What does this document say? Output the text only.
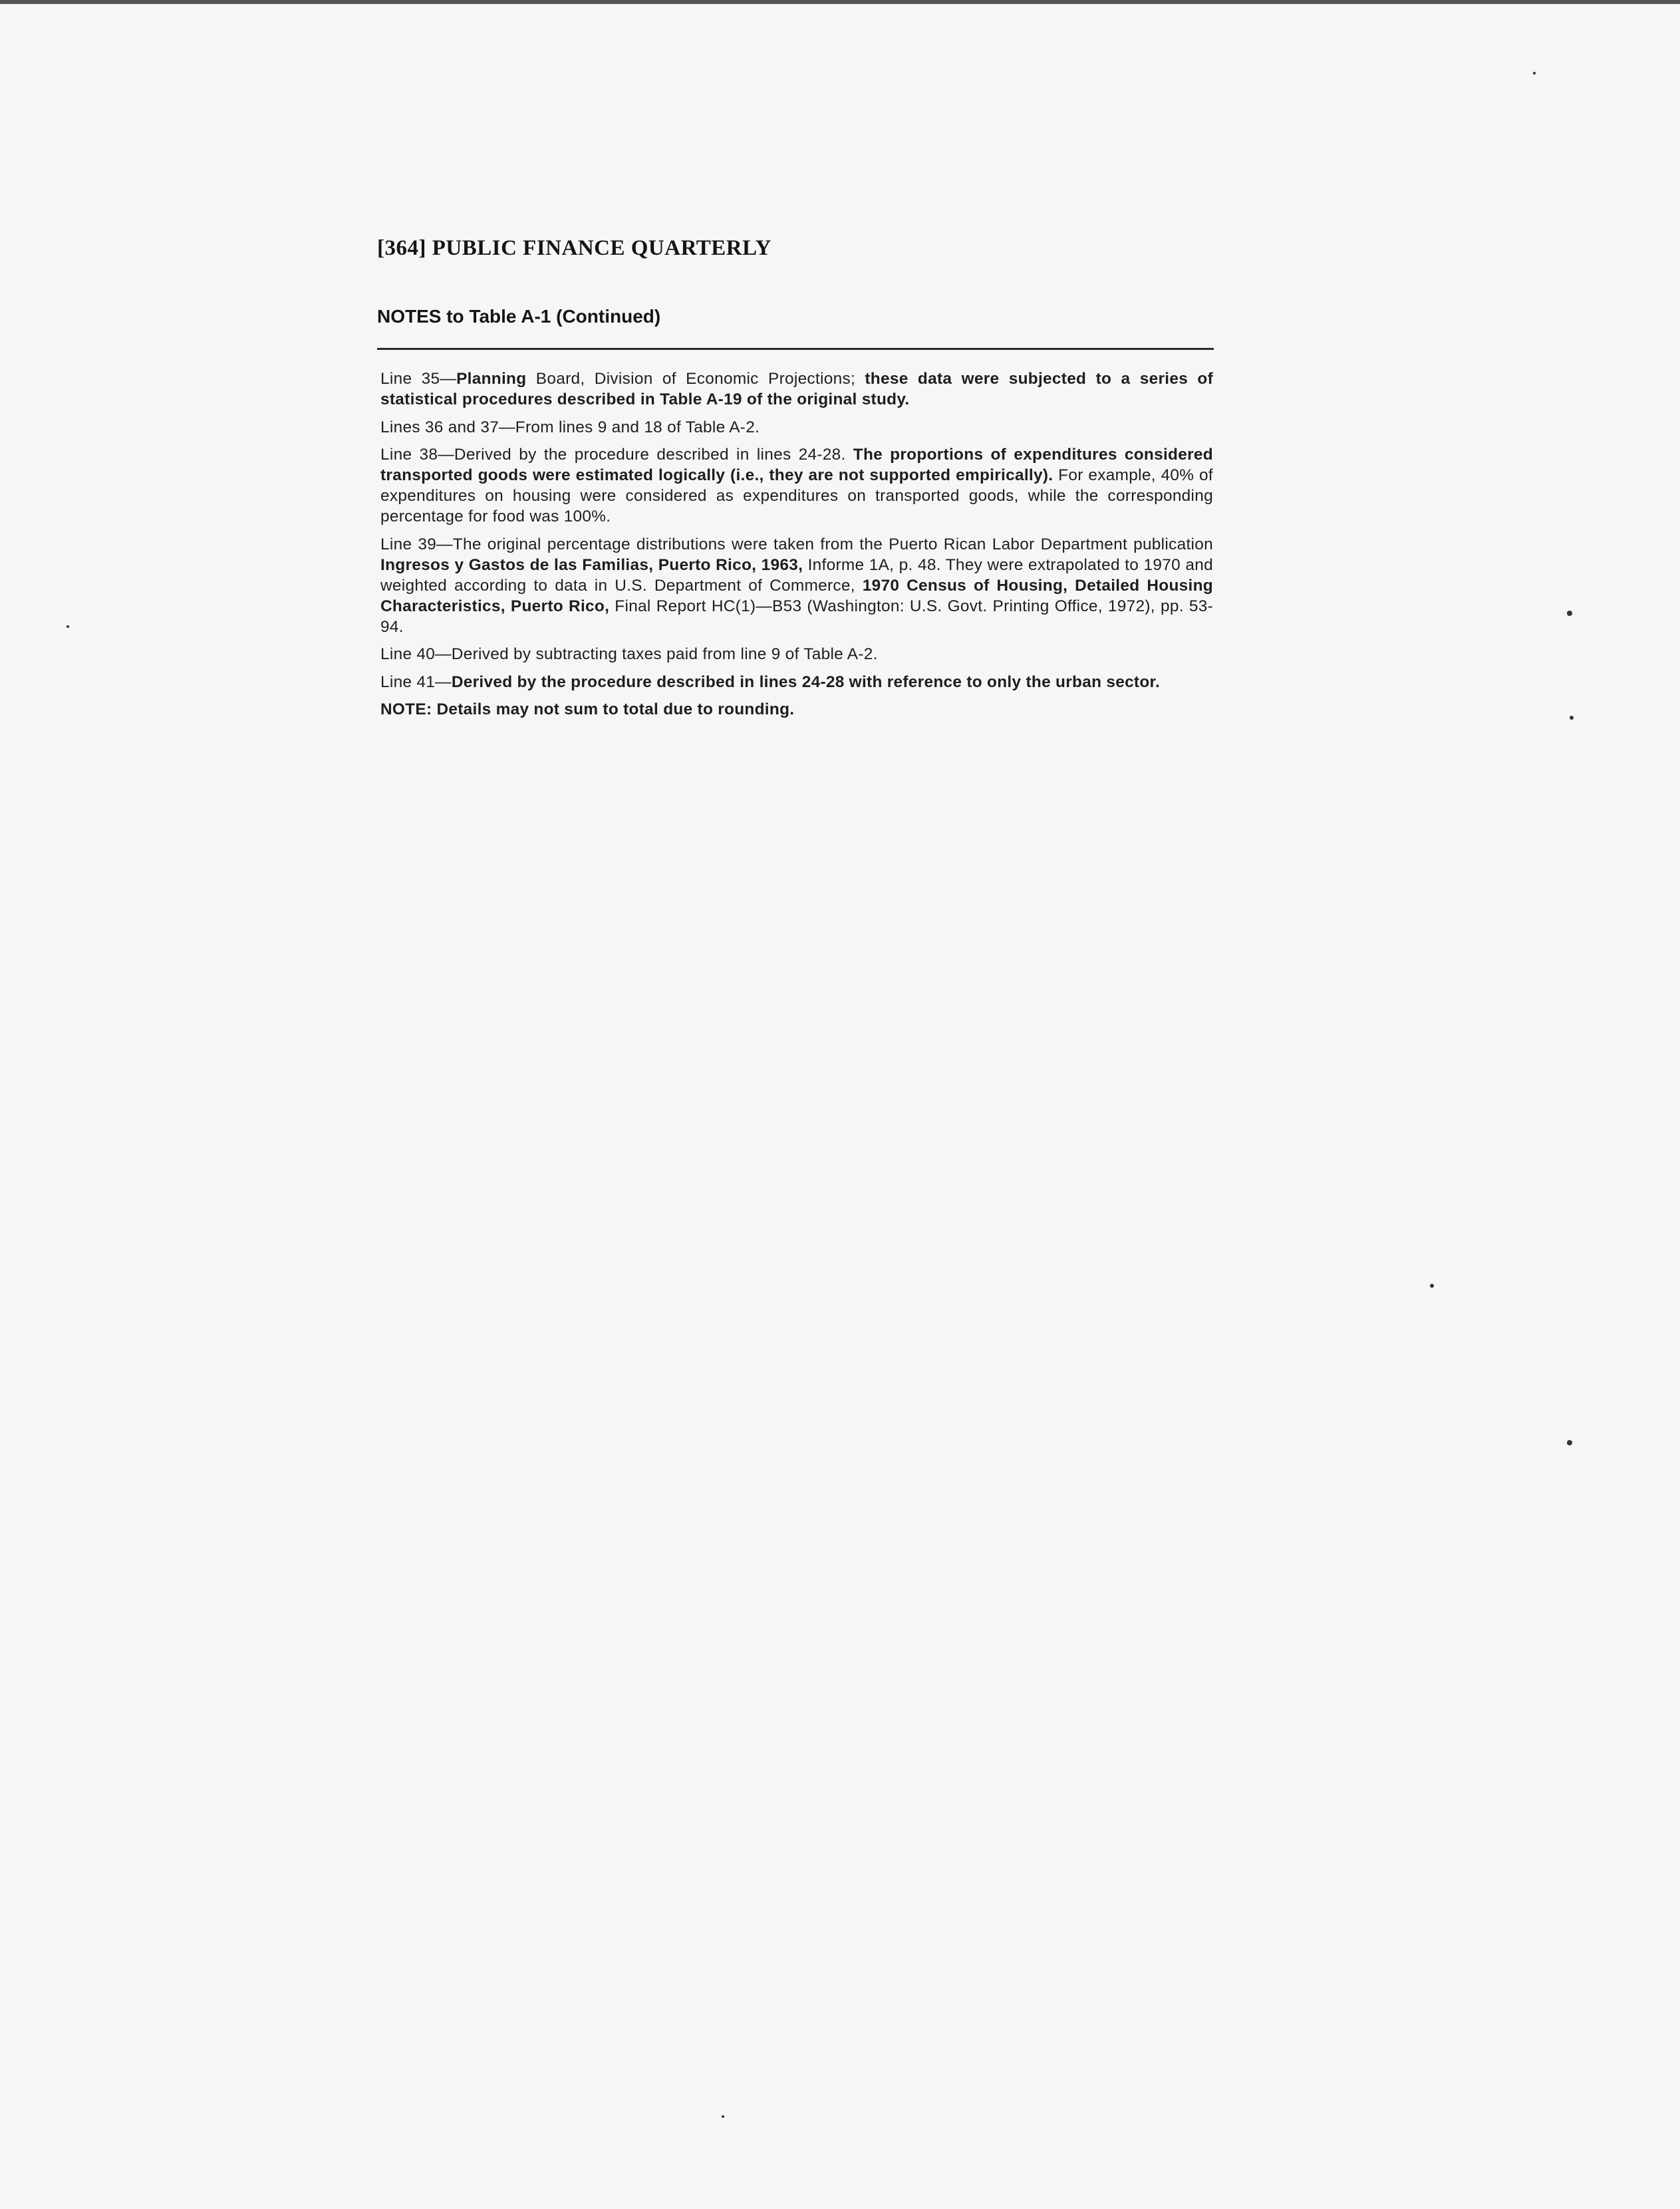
[364] PUBLIC FINANCE QUARTERLY
NOTES to Table A-1 (Continued)

Line 35—Planning Board, Division of Economic Projections; these data were subjected to a series of statistical procedures described in Table A-19 of the original study.

Lines 36 and 37—From lines 9 and 18 of Table A-2.

Line 38—Derived by the procedure described in lines 24-28. The proportions of expenditures considered transported goods were estimated logically (i.e., they are not supported empirically). For example, 40% of expenditures on housing were considered as expenditures on transported goods, while the corresponding percentage for food was 100%.

Line 39—The original percentage distributions were taken from the Puerto Rican Labor Department publication Ingresos y Gastos de las Familias, Puerto Rico, 1963, Informe 1A, p. 48. They were extrapolated to 1970 and weighted according to data in U.S. Department of Commerce, 1970 Census of Housing, Detailed Housing Characteristics, Puerto Rico, Final Report HC(1)—B53 (Washington: U.S. Govt. Printing Office, 1972), pp. 53-94.

Line 40—Derived by subtracting taxes paid from line 9 of Table A-2.

Line 41—Derived by the procedure described in lines 24-28 with reference to only the urban sector.

NOTE: Details may not sum to total due to rounding.
